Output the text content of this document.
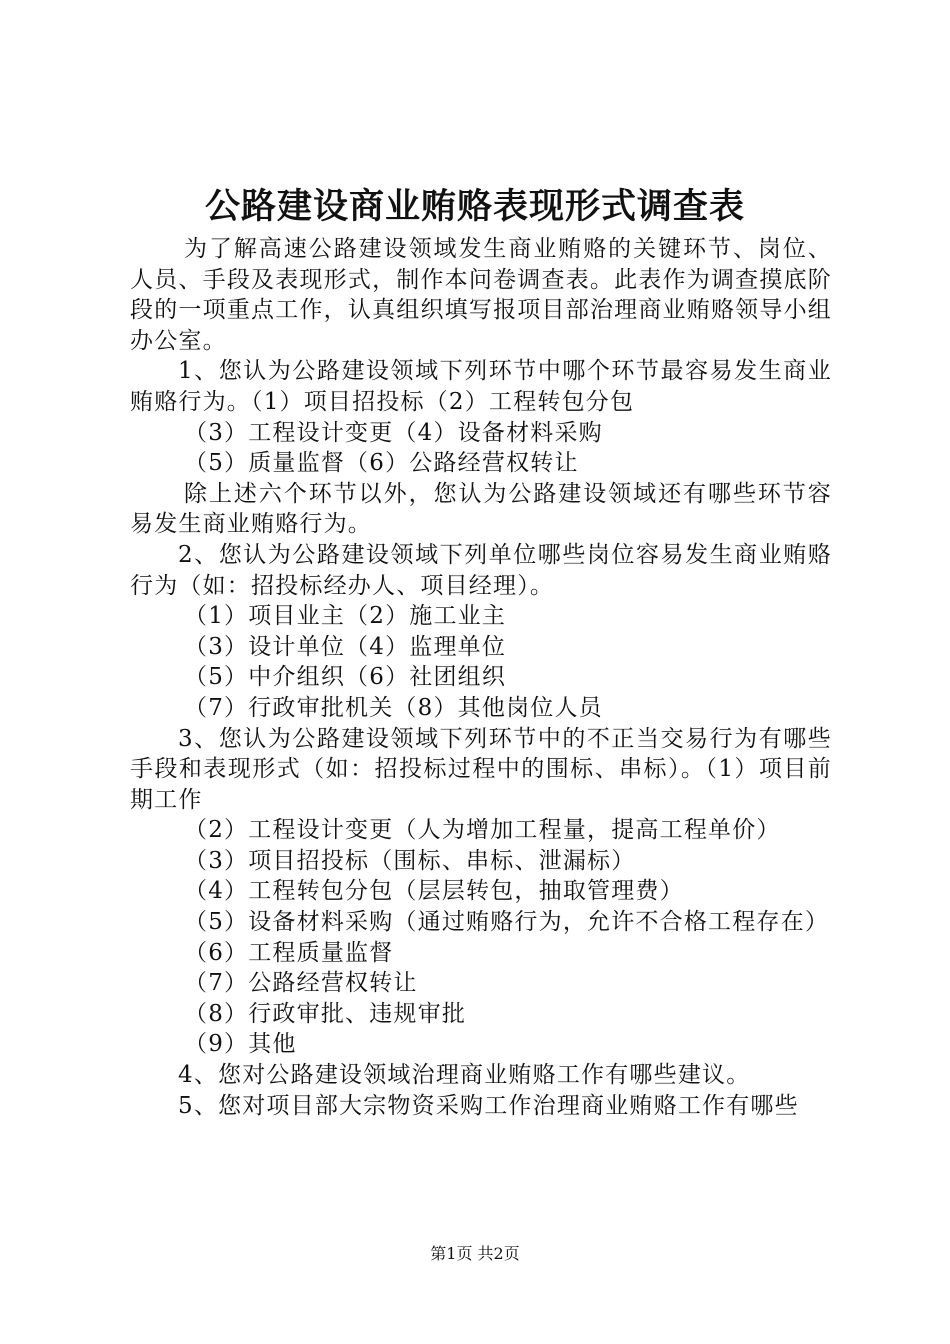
公路建设商业贿赂表现形式调查表

为了解高速公路建设领域发生商业贿赂的关键环节、岗位、人员、手段及表现形式，制作本问卷调查表。此表作为调查摸底阶段的一项重点工作，认真组织填写报项目部治理商业贿赂领导小组办公室。

1、您认为公路建设领域下列环节中哪个环节最容易发生商业贿赂行为。（1）项目招投标（2）工程转包分包

（3）工程设计变更（4）设备材料采购

（5）质量监督（6）公路经营权转让

除上述六个环节以外，您认为公路建设领域还有哪些环节容易发生商业贿赂行为。

2、您认为公路建设领域下列单位哪些岗位容易发生商业贿赂行为（如：招投标经办人、项目经理）。

（1）项目业主（2）施工业主

（3）设计单位（4）监理单位

（5）中介组织（6）社团组织

（7）行政审批机关（8）其他岗位人员

3、您认为公路建设领域下列环节中的不正当交易行为有哪些手段和表现形式（如：招投标过程中的围标、串标）。（1）项目前期工作

（2）工程设计变更（人为增加工程量，提高工程单价）

（3）项目招投标（围标、串标、泄漏标）

（4）工程转包分包（层层转包，抽取管理费）

（5）设备材料采购（通过贿赂行为，允许不合格工程存在）

（6）工程质量监督

（7）公路经营权转让

（8）行政审批、违规审批

（9）其他

4、您对公路建设领域治理商业贿赂工作有哪些建议。

5、您对项目部大宗物资采购工作治理商业贿赂工作有哪些

第1页 共2页
